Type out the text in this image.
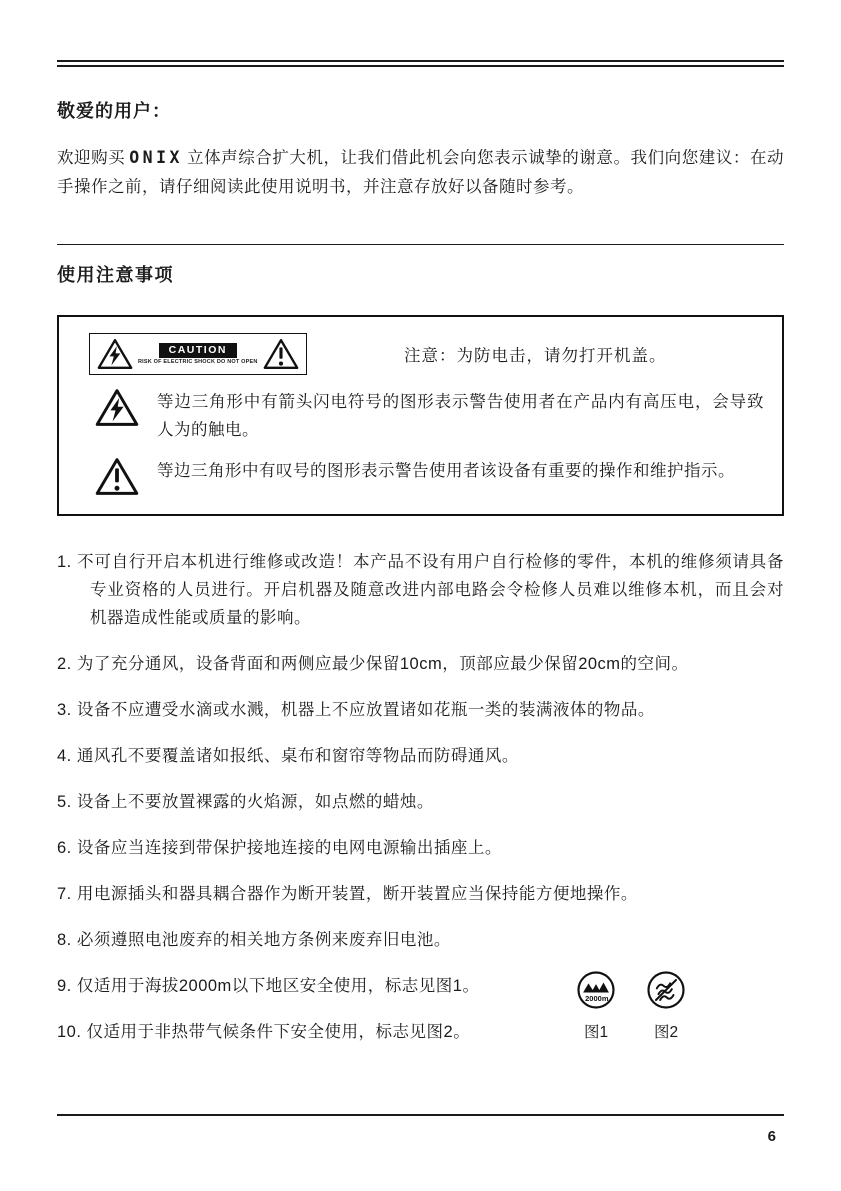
敬爱的用户：

欢迎购买 ONIX 立体声综合扩大机，让我们借此机会向您表示诚挚的谢意。我们向您建议：在动手操作之前，请仔细阅读此使用说明书，并注意存放好以备随时参考。

使用注意事项
CAUTION
RISK OF ELECTRIC SHOCK DO NOT OPEN	注意：为防电击，请勿打开机盖。
等边三角形中有箭头闪电符号的图形表示警告使用者在产品内有高压电，会导致人为的触电。
等边三角形中有叹号的图形表示警告使用者该设备有重要的操作和维护指示。
1. 不可自行开启本机进行维修或改造！本产品不设有用户自行检修的零件，本机的维修须请具备专业资格的人员进行。开启机器及随意改进内部电路会令检修人员难以维修本机，而且会对机器造成性能或质量的影响。
2. 为了充分通风，设备背面和两侧应最少保留10cm，顶部应最少保留20cm的空间。
3. 设备不应遭受水滴或水溅，机器上不应放置诸如花瓶一类的装满液体的物品。
4. 通风孔不要覆盖诸如报纸、桌布和窗帘等物品而防碍通风。
5. 设备上不要放置裸露的火焰源，如点燃的蜡烛。
6. 设备应当连接到带保护接地连接的电网电源输出插座上。
7. 用电源插头和器具耦合器作为断开装置，断开装置应当保持能方便地操作。
8. 必须遵照电池废弃的相关地方条例来废弃旧电池。
9. 仅适用于海拔2000m以下地区安全使用，标志见图1。
10. 仅适用于非热带气候条件下安全使用，标志见图2。
2000m
图1	图2
6
